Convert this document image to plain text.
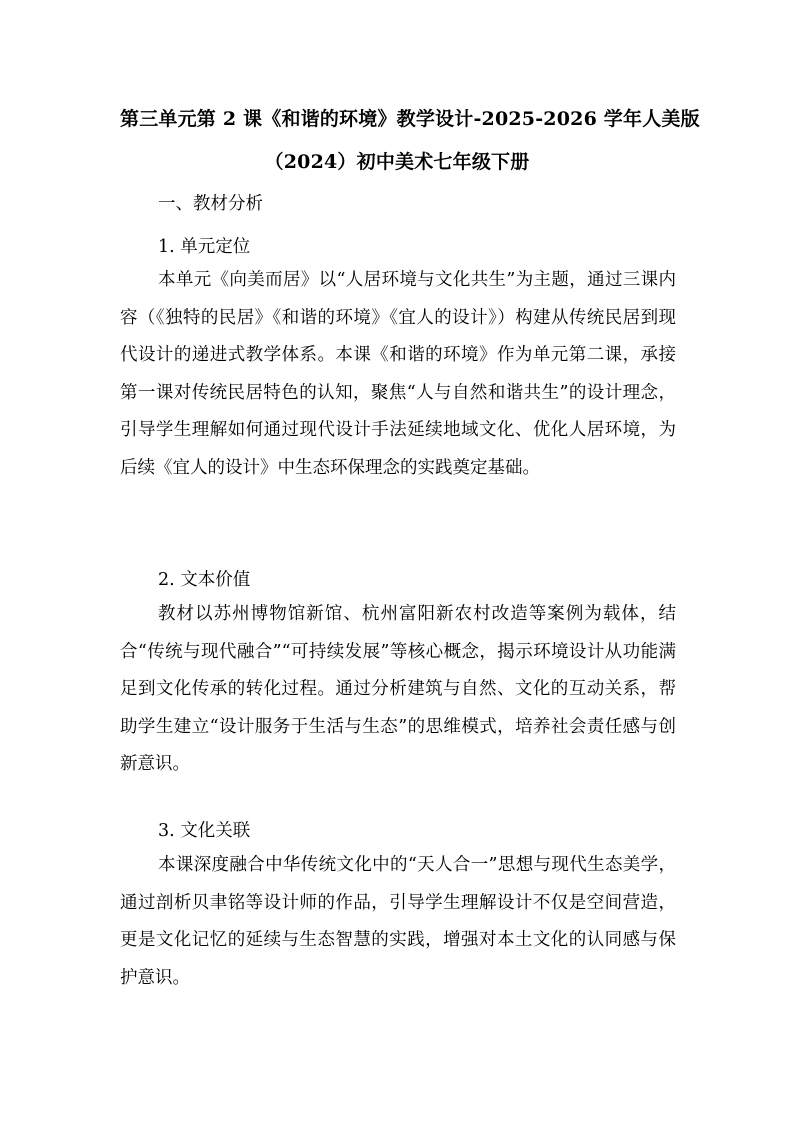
第三单元第 2 课《和谐的环境》教学设计-2025-2026 学年人美版
（2024）初中美术七年级下册
一、教材分析
1. 单元定位

本单元《向美而居》以“人居环境与文化共生”为主题，通过三课内容（《独特的民居》《和谐的环境》《宜人的设计》）构建从传统民居到现代设计的递进式教学体系。本课《和谐的环境》作为单元第二课，承接第一课对传统民居特色的认知，聚焦“人与自然和谐共生”的设计理念，引导学生理解如何通过现代设计手法延续地域文化、优化人居环境，为后续《宜人的设计》中生态环保理念的实践奠定基础。

2. 文本价值

教材以苏州博物馆新馆、杭州富阳新农村改造等案例为载体，结合“传统与现代融合”“可持续发展”等核心概念，揭示环境设计从功能满足到文化传承的转化过程。通过分析建筑与自然、文化的互动关系，帮助学生建立“设计服务于生活与生态”的思维模式，培养社会责任感与创新意识。

3. 文化关联

本课深度融合中华传统文化中的“天人合一”思想与现代生态美学，通过剖析贝聿铭等设计师的作品，引导学生理解设计不仅是空间营造，更是文化记忆的延续与生态智慧的实践，增强对本土文化的认同感与保护意识。
